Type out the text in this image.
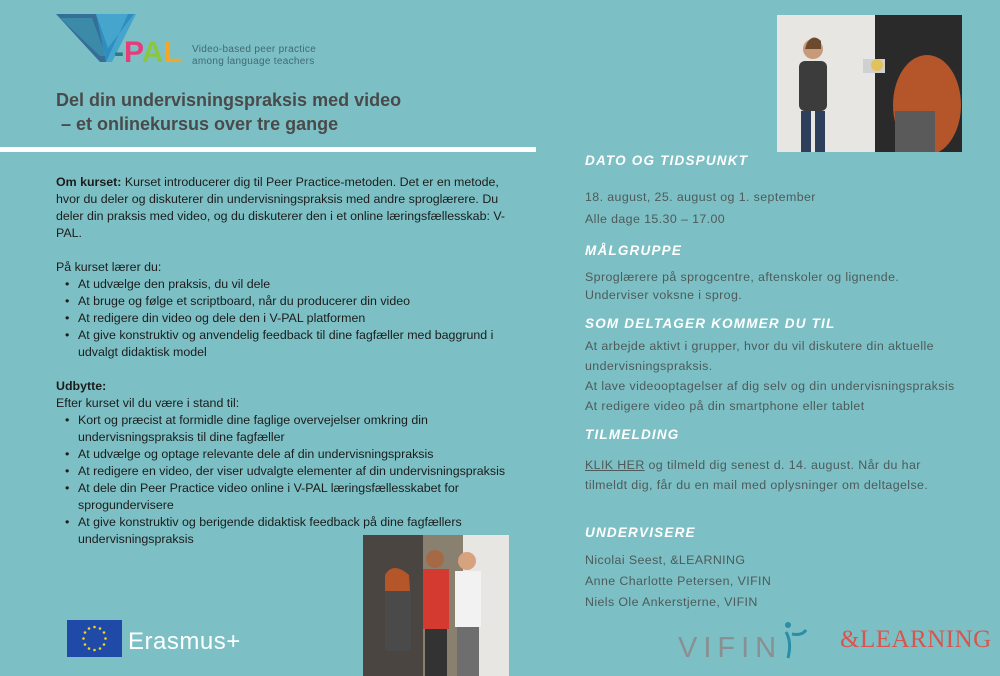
-PAL Video-based peer practice
among language teachers
Del din undervisningspraksis med video
– et onlinekursus over tre gange

Om kurset: Kurset introducerer dig til Peer Practice-metoden. Det er en metode, hvor du deler og diskuterer din undervisningspraksis med andre sproglærere. Du deler din praksis med video, og du diskuterer den i et online læringsfællesskab: V-PAL.

På kurset lærer du:

• At udvælge den praksis, du vil dele
• At bruge og følge et scriptboard, når du producerer din video
• At redigere din video og dele den i V-PAL platformen
• At give konstruktiv og anvendelig feedback til dine fagfæller med baggrund i udvalgt didaktisk model

Udbytte:

Efter kurset vil du være i stand til:

• Kort og præcist at formidle dine faglige overvejelser omkring din undervisningspraksis til dine fagfæller
• At udvælge og optage relevante dele af din undervisningspraksis
• At redigere en video, der viser udvalgte elementer af din undervisningspraksis
• At dele din Peer Practice video online i V-PAL læringsfællesskabet for sprogundervisere
• At give konstruktiv og berigende didaktisk feedback på dine fagfællers undervisningspraksis

DATO OG TIDSPUNKT

18. august, 25. august og 1. september

Alle dage 15.30 – 17.00

MÅLGRUPPE

Sproglærere på sprogcentre, aftenskoler og lignende.

Underviser voksne i sprog.

SOM DELTAGER KOMMER DU TIL

At arbejde aktivt i grupper, hvor du vil diskutere din aktuelle

undervisningspraksis.

At lave videooptagelser af dig selv og din undervisningspraksis

At redigere video på din smartphone eller tablet

TILMELDING

KLIK HER og tilmeld dig senest d. 14. august. Når du har

tilmeldt dig, får du en mail med oplysninger om deltagelse.

UNDERVISERE

Nicolai Seest, &LEARNING

Anne Charlotte Petersen, VIFIN

Niels Ole Ankerstjerne, VIFIN

Erasmus+	VIFIN &LEARNING
